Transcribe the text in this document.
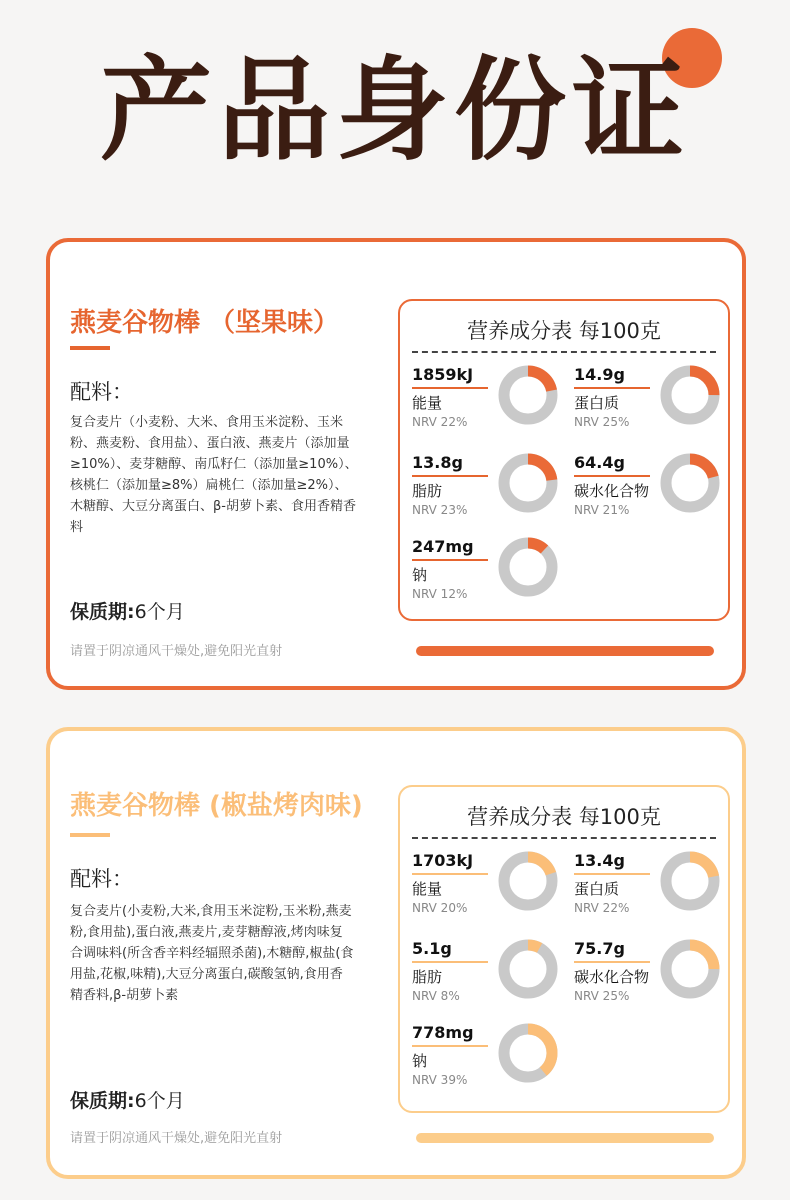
产品身份证
燕麦谷物棒 （坚果味）
配料：
复合麦片（小麦粉、大米、食用玉米淀粉、玉米粉、燕麦粉、食用盐）、蛋白液、燕麦片（添加量≥10%）、麦芽糖醇、南瓜籽仁（添加量≥10%）、核桃仁（添加量≥8%）扁桃仁（添加量≥2%）、木糖醇、大豆分离蛋白、β-胡萝卜素、食用香精香料
保质期:6个月
请置于阴凉通风干燥处,避免阳光直射
营养成分表 每100克
1859kJ
能量
NRV 22%
14.9g
蛋白质
NRV 25%
13.8g
脂肪
NRV 23%
64.4g
碳水化合物
NRV 21%
247mg
钠
NRV 12%
燕麦谷物棒 (椒盐烤肉味)
配料：
复合麦片(小麦粉,大米,食用玉米淀粉,玉米粉,燕麦粉,食用盐),蛋白液,燕麦片,麦芽糖醇液,烤肉味复合调味料(所含香辛料经辐照杀菌),木糖醇,椒盐(食用盐,花椒,味精),大豆分离蛋白,碳酸氢钠,食用香精香料,β-胡萝卜素
保质期:6个月
请置于阴凉通风干燥处,避免阳光直射
营养成分表 每100克
1703kJ
能量
NRV 20%
13.4g
蛋白质
NRV 22%
5.1g
脂肪
NRV 8%
75.7g
碳水化合物
NRV 25%
778mg
钠
NRV 39%
